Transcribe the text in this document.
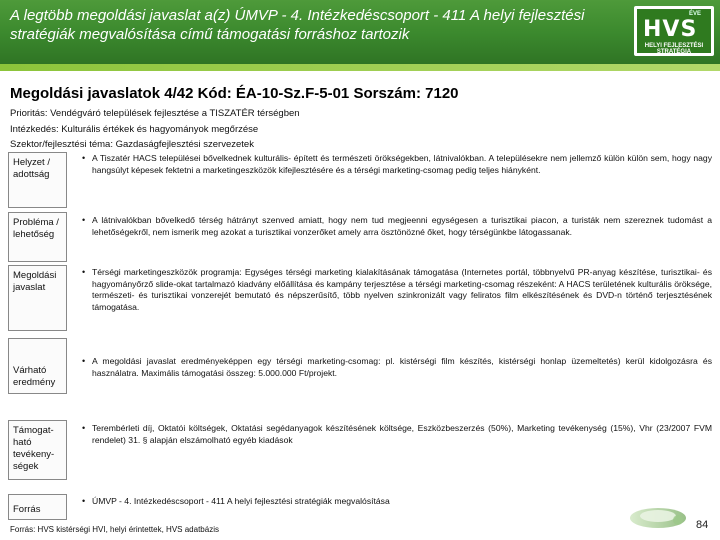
A legtöbb megoldási javaslat a(z) ÚMVP - 4. Intézkedéscsoport - 411 A helyi fejlesztési stratégiák megvalósítása című támogatási forráshoz tartozik
ÉVE
HVS
HELYI FEJLESZTÉSI STRATÉGIA
Megoldási javaslatok 4/42 Kód: ÉA-10-Sz.F-5-01 Sorszám: 7120
Prioritás: Vendégváró települések fejlesztése a TISZATÉR térségben
Intézkedés: Kulturális értékek és hagyományok megőrzése
Szektor/fejlesztési téma: Gazdaságfejlesztési szervezetek
Helyzet / adottság
• A Tiszatér HACS települései bővelkednek kulturális- épített és természeti örökségekben, látnivalókban. A településekre nem jellemző külön külön sem, hogy nagy hangsúlyt képesek fektetni a marketingeszközök kifejlesztésére és a térségi marketing-csomag pedig teljes hiányként.
Probléma / lehetőség
• A látnivalókban bővelkedő térség hátrányt szenved amiatt, hogy nem tud megjeenni egységesen a turisztikai piacon, a turisták nem szereznek tudomást a lehetőségekről, nem ismerik meg azokat a turisztikai vonzerőket amely arra ösztönözné őket, hogy térségünkbe látogassanak.
Megoldási javaslat
• Térségi marketingeszközök programja: Egységes térségi marketing kialakításának támogatása (Internetes portál, többnyelvű PR-anyag készítése, turisztikai- és hagyományőrző slide-okat tartalmazó kiadvány előállítása és kampány terjesztése a térségi marketing-csomag részeként: A HACS területének kulturális öröksége, természeti- és turisztikai vonzerejét bemutató és népszerűsítő, több nyelven szinkronizált vagy feliratos film elkészítésének és DVD-n történő terjesztésének támogatása.
Várható eredmény
• A megoldási javaslat eredményeképpen egy térségi marketing-csomag: pl. kistérségi film készítés, kistérségi honlap üzemeltetés) kerül kidolgozásra és használatra. Maximális támogatási összeg: 5.000.000 Ft/projekt.
Támogat-
ható
tevékeny-
ségek
• Terembérleti díj, Oktatói költségek, Oktatási segédanyagok készítésének költsége, Eszközbeszerzés (50%), Marketing tevékenység (15%), Vhr (23/2007 FVM rendelet) 31. § alapján elszámolható egyéb kiadások
Forrás
• ÚMVP - 4. Intézkedéscsoport - 411 A helyi fejlesztési stratégiák megvalósítása
Forrás: HVS kistérségi HVI, helyi érintettek, HVS adatbázis	84
